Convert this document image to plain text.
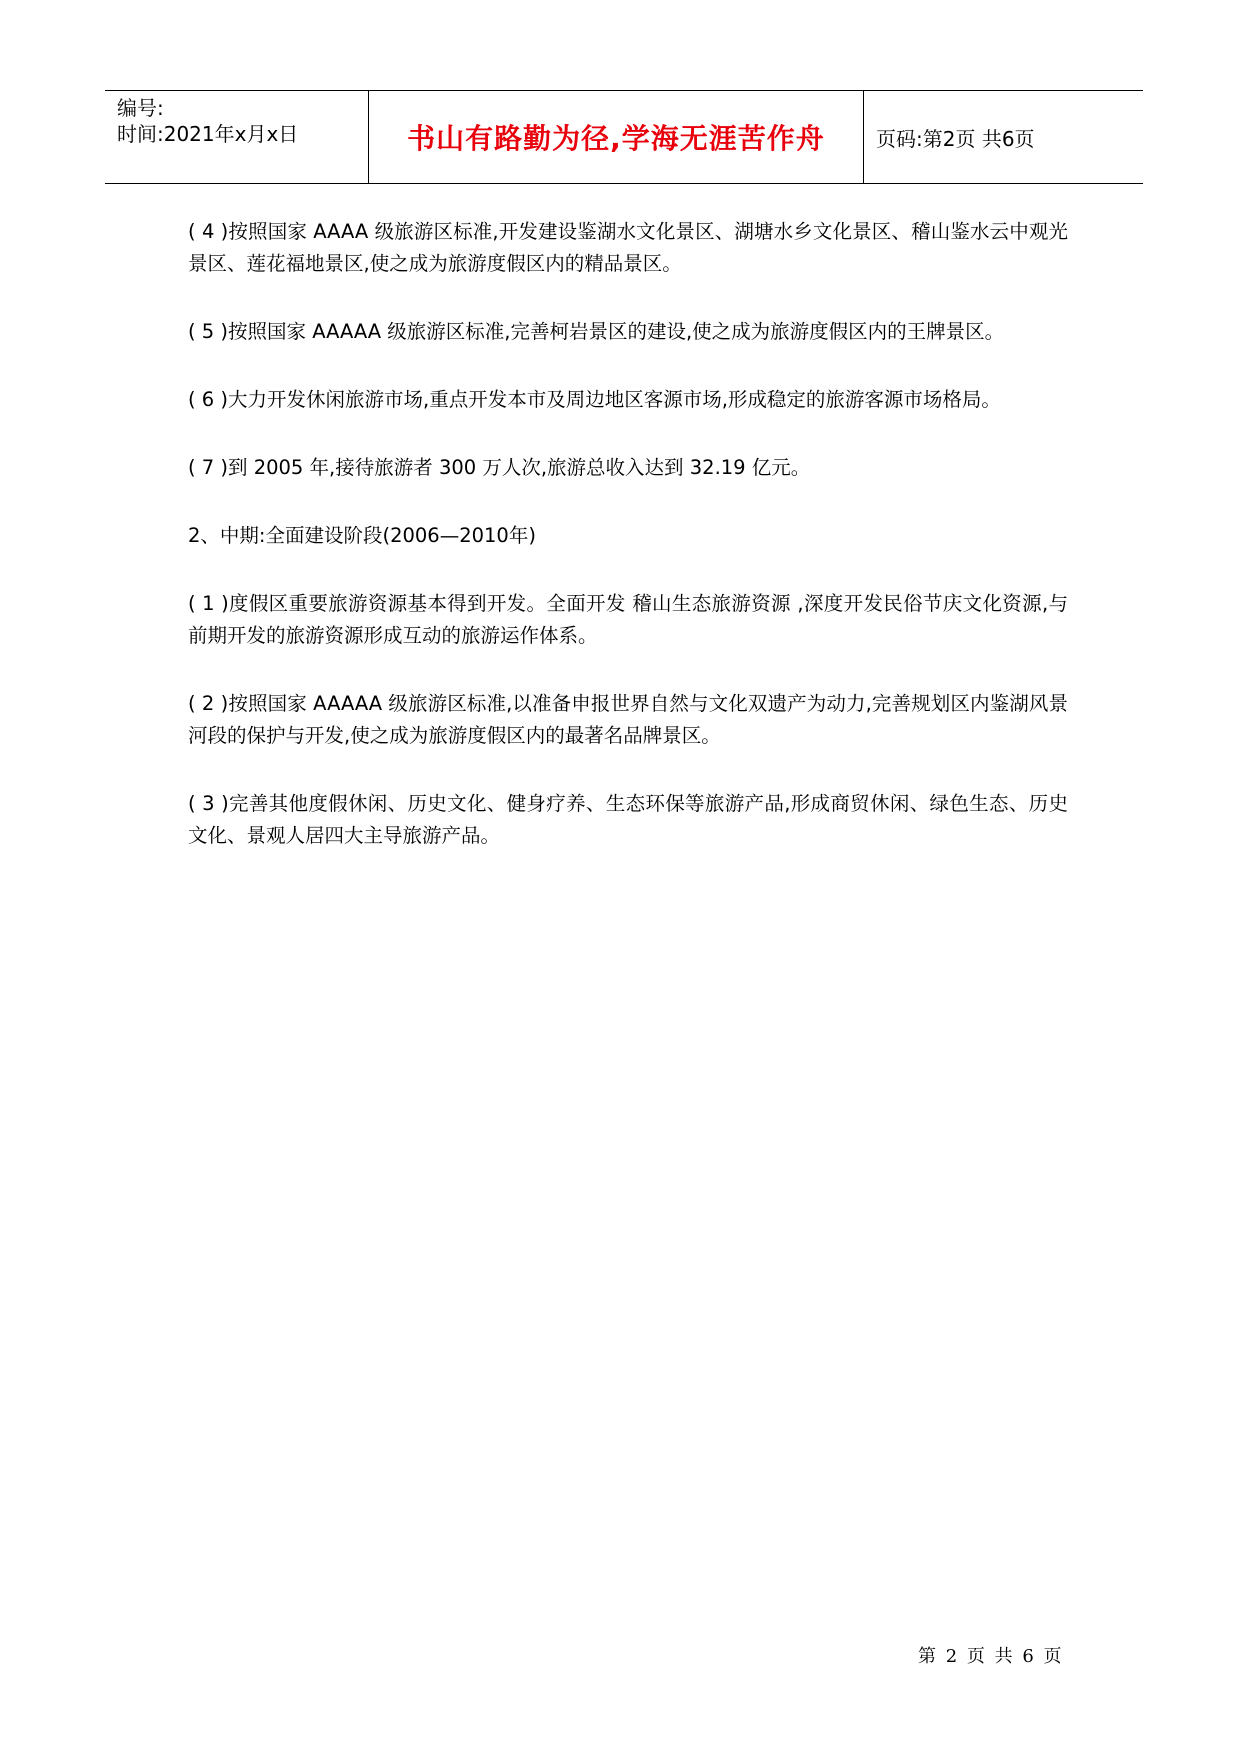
编号:
时间:2021年x月x日	书山有路勤为径,学海无涯苦作舟	页码:第2页 共6页

( 4 )按照国家 AAAA 级旅游区标准,开发建设鉴湖水文化景区、湖塘水乡文化景区、稽山鉴水云中观光 景区、莲花福地景区,使之成为旅游度假区内的精品景区。

( 5 )按照国家 AAAAA 级旅游区标准,完善柯岩景区的建设,使之成为旅游度假区内的王牌景区。

( 6 )大力开发休闲旅游市场,重点开发本市及周边地区客源市场,形成稳定的旅游客源市场格局。

( 7 )到 2005 年,接待旅游者 300 万人次,旅游总收入达到 32.19 亿元。

2、中期:全面建设阶段(2006—2010年)

( 1 )度假区重要旅游资源基本得到开发。全面开发 稽山生态旅游资源 ,深度开发民俗节庆文化资源,与前期开发的旅游资源形成互动的旅游运作体系。

( 2 )按照国家 AAAAA 级旅游区标准,以准备申报世界自然与文化双遗产为动力,完善规划区内鉴湖风景河段的保护与开发,使之成为旅游度假区内的最著名品牌景区。

( 3 )完善其他度假休闲、历史文化、健身疗养、生态环保等旅游产品,形成商贸休闲、绿色生态、历史文化、景观人居四大主导旅游产品。

第 2 页 共 6 页
